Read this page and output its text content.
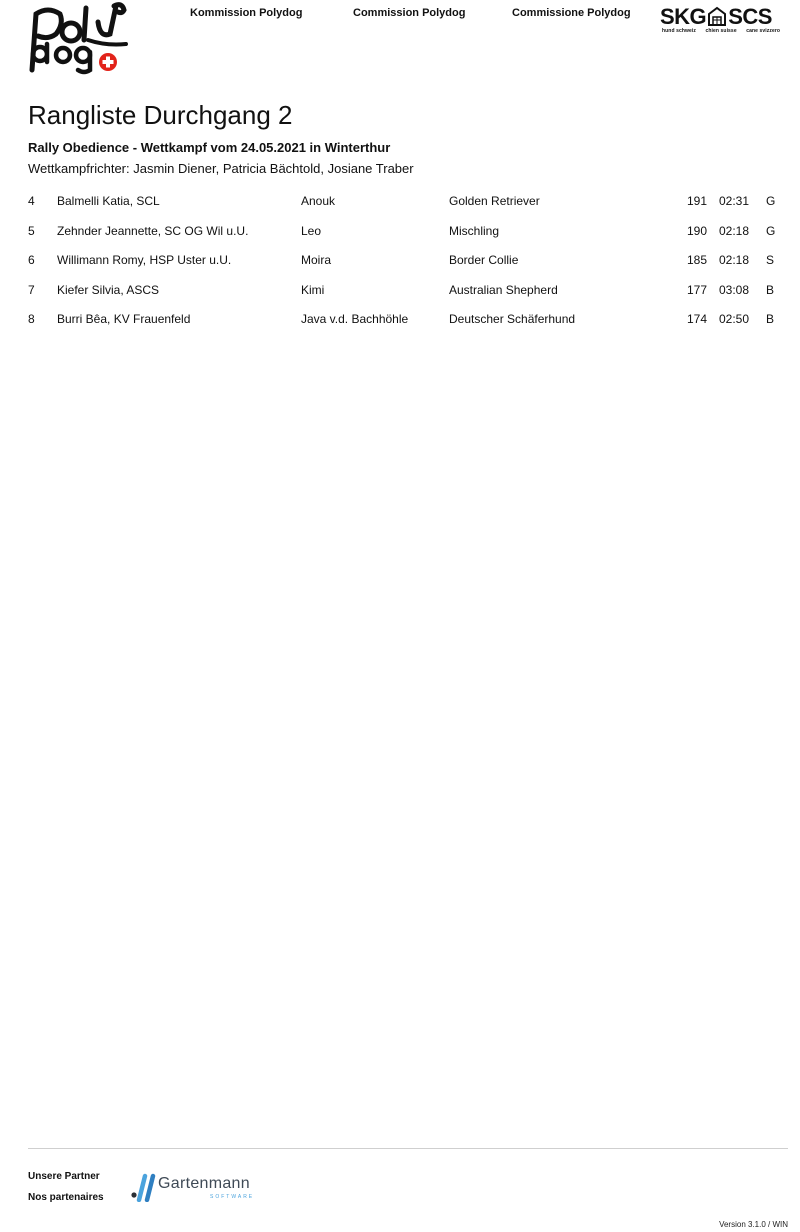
Kommission Polydog	Commission Polydog	Commissione Polydog SKG SCS
hund schweiz chien suisse cane svizzero
Rangliste Durchgang 2
Rally Obedience - Wettkampf vom 24.05.2021 in Winterthur
Wettkampfrichter: Jasmin Diener, Patricia Bächtold, Josiane Traber
4 Balmelli Katia, SCL	Anouk	Golden Retriever	191 02:31 G
5 Zehnder Jeannette, SC OG Wil u.U.	Leo	Mischling	190 02:18 G
6 Willimann Romy, HSP Uster u.U.	Moira	Border Collie	185 02:18 S
7 Kiefer Silvia, ASCS	Kimi	Australian Shepherd	177 03:08 B
8 Burri Bêa, KV Frauenfeld	Java v.d. Bachhöhle	Deutscher Schäferhund	174 02:50 B
Unsere Partner
Nos partenaires
Gartenmann
SOFTWARE
Version 3.1.0 / WIN
